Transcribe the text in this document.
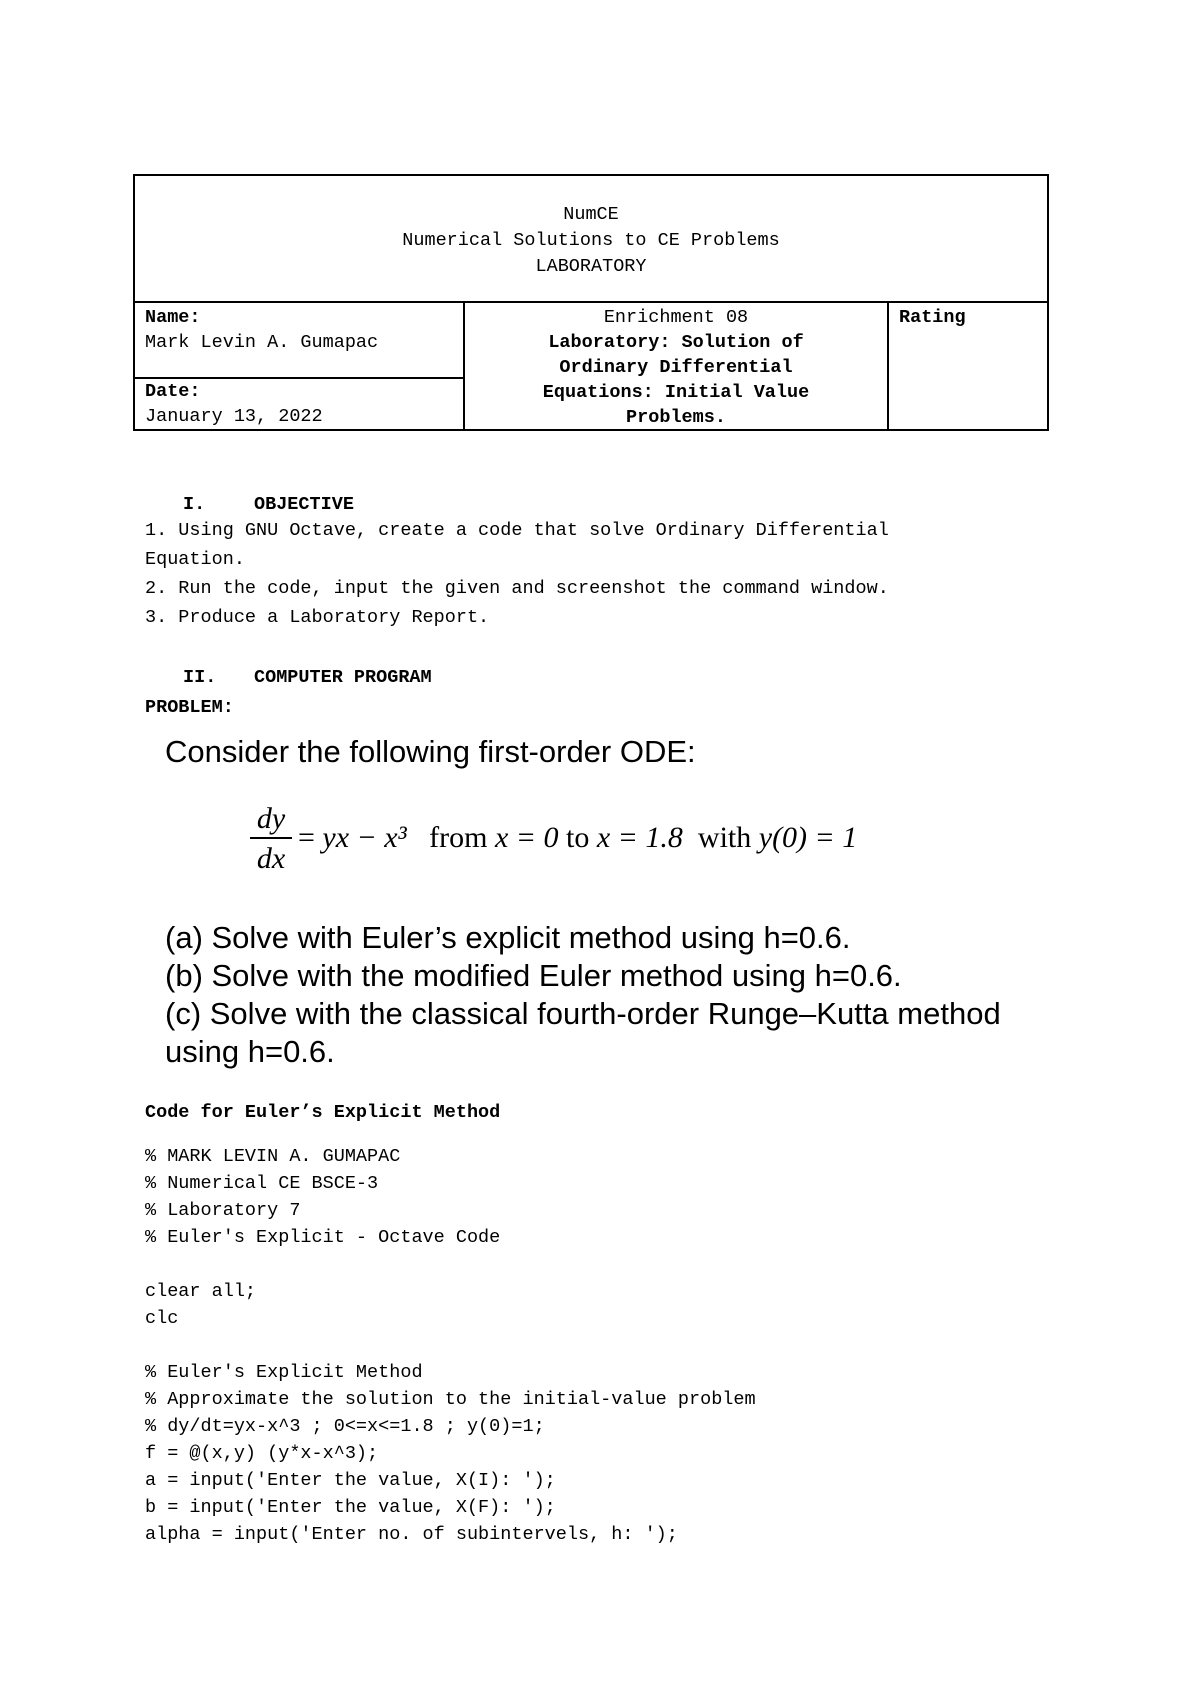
NumCE
Numerical Solutions to CE Problems
LABORATORY
Name:
Mark Levin A. Gumapac
Date:
January 13, 2022
Enrichment 08
Laboratory: Solution of
Ordinary Differential
Equations: Initial Value
Problems.
Rating
I.	OBJECTIVE
1. Using GNU Octave, create a code that solve Ordinary Differential
Equation.
2. Run the code, input the given and screenshot the command window.
3. Produce a Laboratory Report.
II. COMPUTER PROGRAM
PROBLEM:
Consider the following first-order ODE:
dy
dx
= yx − x³   from x = 0 to x = 1.8  with y(0) = 1
(a) Solve with Euler’s explicit method using h=0.6.
(b) Solve with the modified Euler method using h=0.6.
(c) Solve with the classical fourth-order Runge–Kutta method
using h=0.6.
Code for Euler’s Explicit Method
% MARK LEVIN A. GUMAPAC
% Numerical CE BSCE-3
% Laboratory 7
% Euler's Explicit - Octave Code
clear all;
clc
% Euler's Explicit Method
% Approximate the solution to the initial-value problem
% dy/dt=yx-x^3 ; 0<=x<=1.8 ; y(0)=1;
f = @(x,y) (y*x-x^3);
a = input('Enter the value, X(I): ');
b = input('Enter the value, X(F): ');
alpha = input('Enter no. of subintervels, h: ');
